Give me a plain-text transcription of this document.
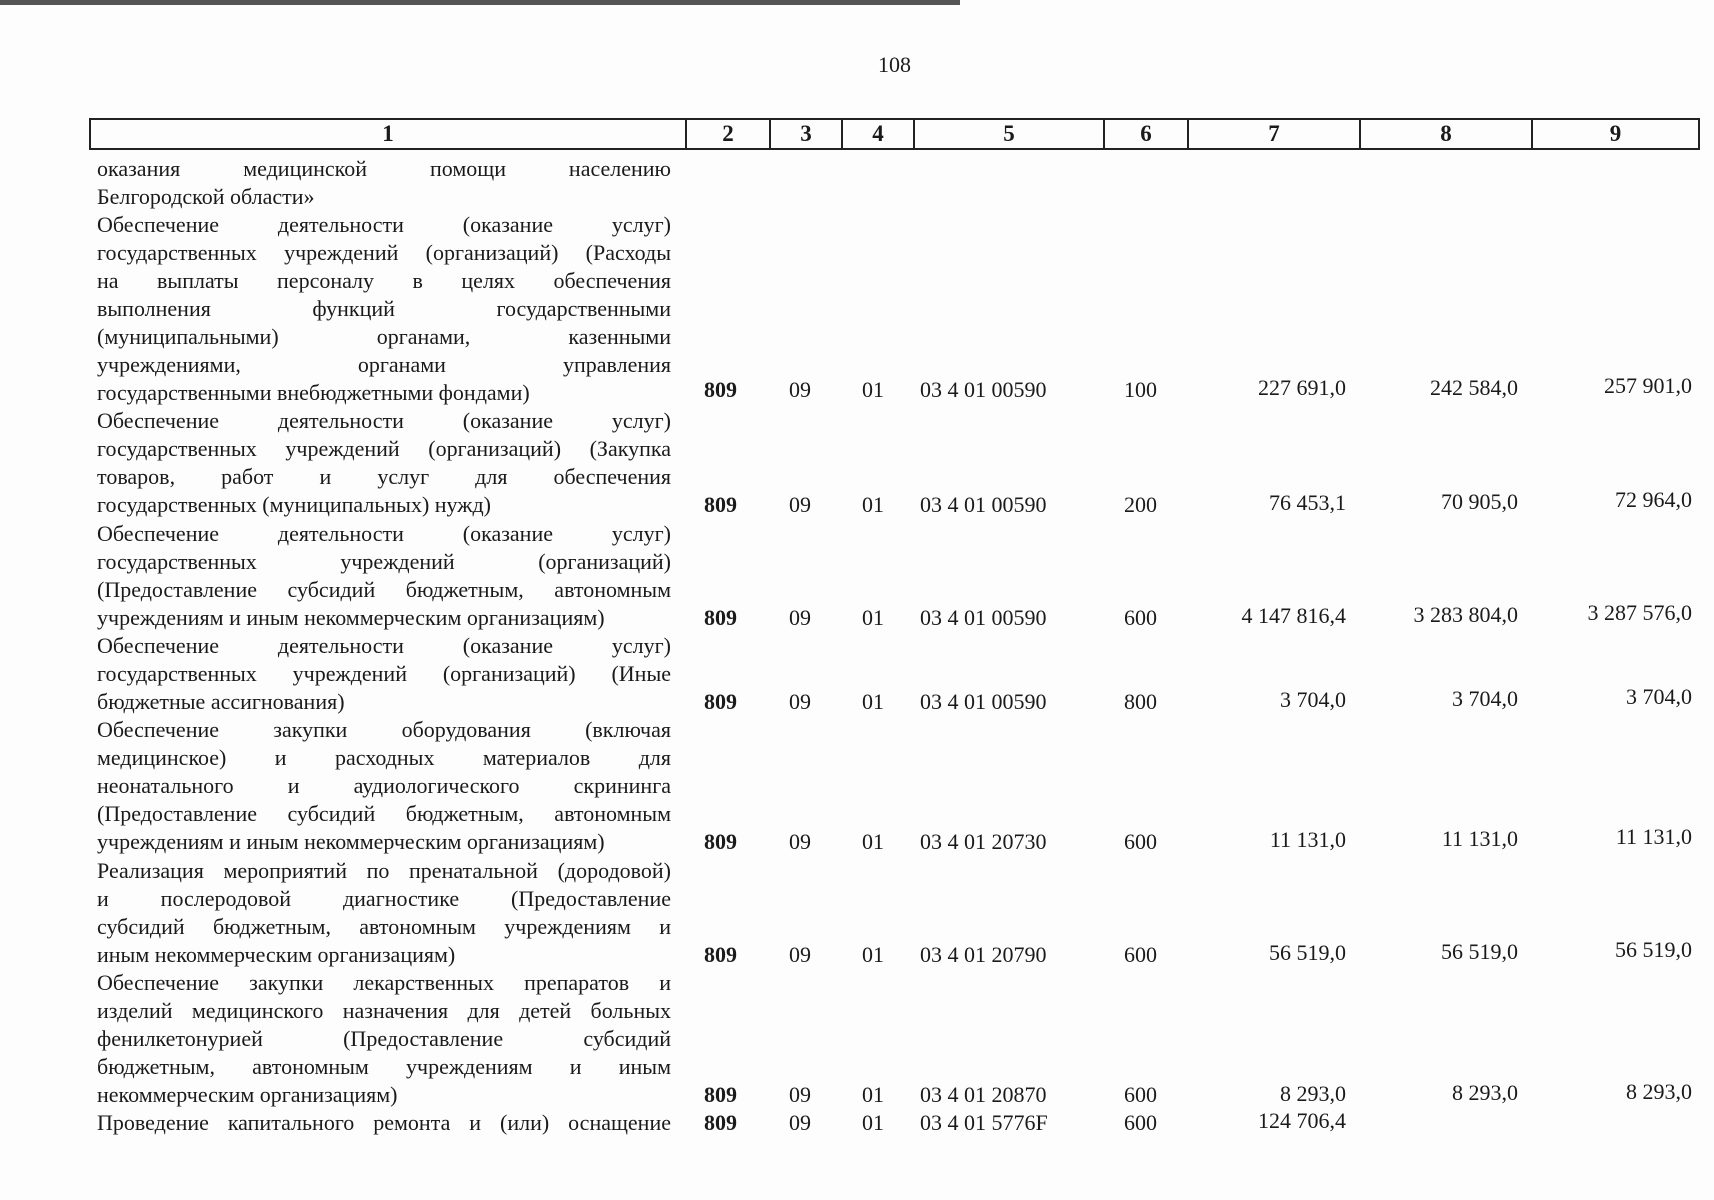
108
1	2	3	4	5	6	7	8	9
оказания медицинской помощи населению
Белгородской области»
Обеспечение деятельности (оказание услуг)
государственных учреждений (организаций) (Расходы
на выплаты персоналу в целях обеспечения
выполнения функций государственными
(муниципальными) органами, казенными
учреждениями, органами управления
государственными внебюджетными фондами)	809 09 01 03 4 01 00590	100	227 691,0	242 584,0	257 901,0
Обеспечение деятельности (оказание услуг)
государственных учреждений (организаций) (Закупка
товаров, работ и услуг для обеспечения
государственных (муниципальных) нужд)	809 09 01 03 4 01 00590	200	76 453,1	70 905,0	72 964,0
Обеспечение деятельности (оказание услуг)
государственных учреждений (организаций)
(Предоставление субсидий бюджетным, автономным
учреждениям и иным некоммерческим организациям)	809 09 01 03 4 01 00590	600	4 147 816,4	3 283 804,0	3 287 576,0
Обеспечение деятельности (оказание услуг)
государственных учреждений (организаций) (Иные
бюджетные ассигнования)	809 09 01 03 4 01 00590	800	3 704,0	3 704,0	3 704,0
Обеспечение закупки оборудования (включая
медицинское) и расходных материалов для
неонатального и аудиологического скрининга
(Предоставление субсидий бюджетным, автономным
учреждениям и иным некоммерческим организациям)	809 09 01 03 4 01 20730	600	11 131,0	11 131,0	11 131,0
Реализация мероприятий по пренатальной (дородовой)
и послеродовой диагностике (Предоставление
субсидий бюджетным, автономным учреждениям и
иным некоммерческим организациям)	809 09 01 03 4 01 20790	600	56 519,0	56 519,0	56 519,0
Обеспечение закупки лекарственных препаратов и
изделий медицинского назначения для детей больных
фенилкетонурией (Предоставление субсидий
бюджетным, автономным учреждениям и иным
некоммерческим организациям)	809 09 01 03 4 01 20870	600	8 293,0	8 293,0	8 293,0
Проведение капитального ремонта и (или) оснащение 809 09 01 03 4 01 5776F	600	124 706,4
